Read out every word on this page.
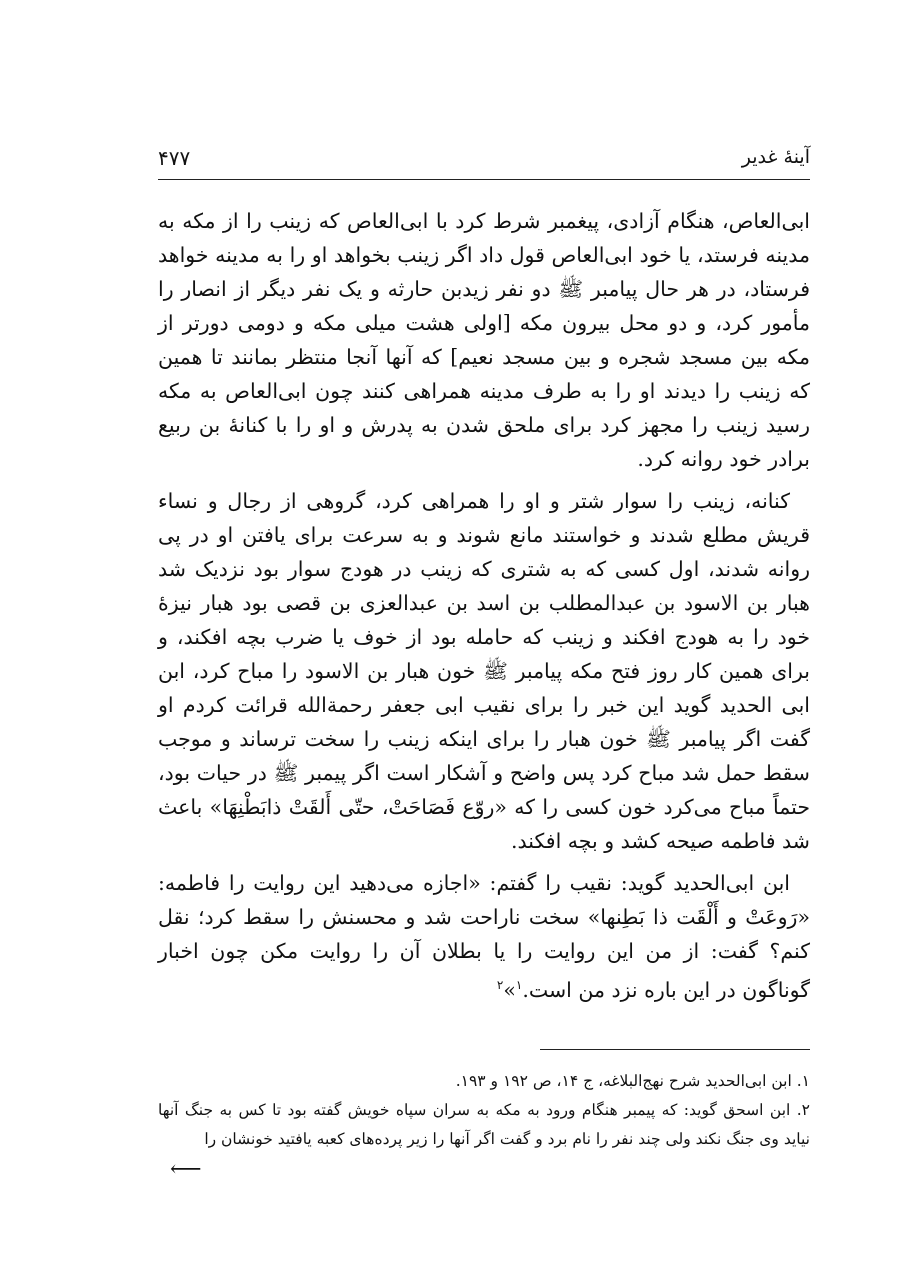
آینهٔ غدیر
۴۷۷

ابی‌العاص، هنگام آزادی، پیغمبر شرط کرد با ابی‌العاص که زینب را از مکه به مدینه فرستد، یا خود ابی‌العاص قول داد اگر زینب بخواهد او را به مدینه خواهد فرستاد، در هر حال پیامبر ﷺ دو نفر زیدبن حارثه و یک نفر دیگر از انصار را مأمور کرد، و دو محل بیرون مکه [اولی هشت میلی مکه و دومی دورتر از مکه بین مسجد شجره و بین مسجد نعیم] که آنها آنجا منتظر بمانند تا همین که زینب را دیدند او را به طرف مدینه همراهی کنند چون ابی‌العاص به مکه رسید زینب را مجهز کرد برای ملحق شدن به پدرش و او را با کنانهٔ بن ربیع برادر خود روانه کرد.

کنانه، زینب را سوار شتر و او را همراهی کرد، گروهی از رجال و نساء قریش مطلع شدند و خواستند مانع شوند و به سرعت برای یافتن او در پی روانه شدند، اول کسی که به شتری که زینب در هودج سوار بود نزدیک شد هبار بن الاسود بن عبدالمطلب بن اسد بن عبدالعزی بن قصی بود هبار نیزهٔ خود را به هودج افکند و زینب که حامله بود از خوف یا ضرب بچه افکند، و برای همین کار روز فتح مکه پیامبر ﷺ خون هبار بن الاسود را مباح کرد، ابن ابی الحدید گوید این خبر را برای نقیب ابی جعفر رحمة‌الله قرائت کردم او گفت اگر پیامبر ﷺ خون هبار را برای اینکه زینب را سخت ترساند و موجب سقط حمل شد مباح کرد پس واضح و آشکار است اگر پیمبر ﷺ در حیات بود، حتماً مباح می‌کرد خون کسی را که «روّع فَصَاحَتْ، حتّى أَلقَتْ ذابَطْنِهَا» باعث شد فاطمه صیحه کشد و بچه افکند.

ابن ابی‌الحدید گوید: نقیب را گفتم: «اجازه می‌دهید این روایت را فاطمه: «رَوعَتْ و أَلْقَت ذا بَطِنها» سخت ناراحت شد و محسنش را سقط کرد؛ نقل کنم؟ گفت: از من این روایت را یا بطلان آن را روایت مکن چون اخبار گوناگون در این باره نزد من است.$^۱$»$^۲$

۱. ابن ابی‌الحدید شرح نهج‌البلاغه، ج ۱۴، ص ۱۹۲ و ۱۹۳.

۲. ابن اسحق گوید: که پیمبر هنگام ورود به مکه به سران سپاه خویش گفته بود تا کس به جنگ آنها نیاید وی جنگ نکند ولی چند نفر را نام برد و گفت اگر آنها را زیر پرده‌های کعبه یافتید خونشان را

⟵
